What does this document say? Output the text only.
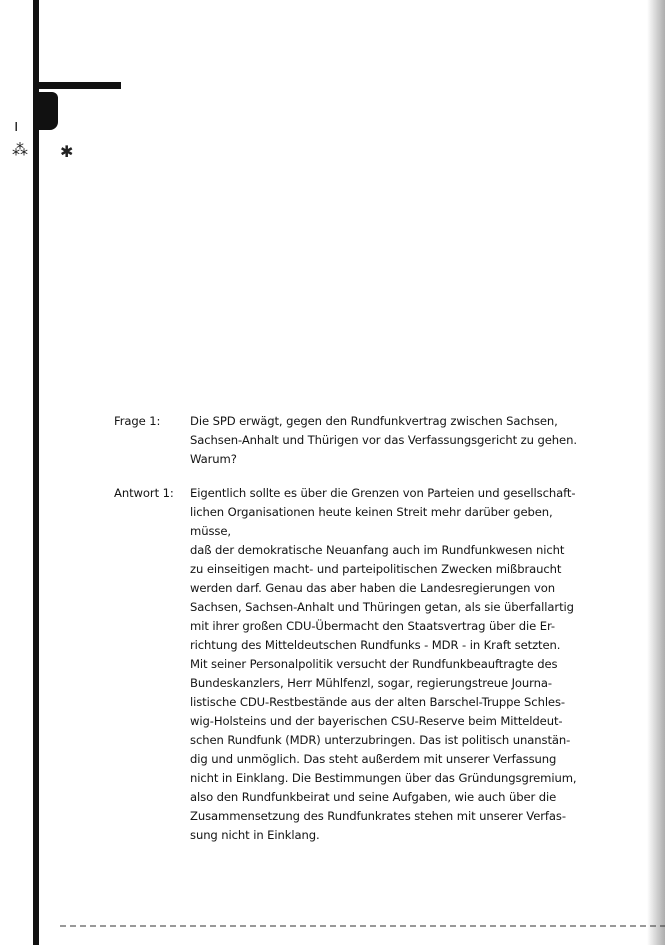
ı
⁂ ✱
Frage 1:	Die SPD erwägt, gegen den Rundfunkvertrag zwischen Sachsen,
Sachsen-Anhalt und Thürigen vor das Verfassungsgericht zu gehen.
Warum?
Antwort 1:	Eigentlich sollte es über die Grenzen von Parteien und gesellschaft-
lichen Organisationen heute keinen Streit mehr darüber geben, müsse,
daß der demokratische Neuanfang auch im Rundfunkwesen nicht
zu einseitigen macht- und parteipolitischen Zwecken mißbraucht
werden darf. Genau das aber haben die Landesregierungen von
Sachsen, Sachsen-Anhalt und Thüringen getan, als sie überfallartig
mit ihrer großen CDU-Übermacht den Staatsvertrag über die Er-
richtung des Mitteldeutschen Rundfunks - MDR - in Kraft setzten.
Mit seiner Personalpolitik versucht der Rundfunkbeauftragte des
Bundeskanzlers, Herr Mühlfenzl, sogar, regierungstreue Journa-
listische CDU-Restbestände aus der alten Barschel-Truppe Schles-
wig-Holsteins und der bayerischen CSU-Reserve beim Mitteldeut-
schen Rundfunk (MDR) unterzubringen. Das ist politisch unanstän-
dig und unmöglich. Das steht außerdem mit unserer Verfassung
nicht in Einklang. Die Bestimmungen über das Gründungsgremium,
also den Rundfunkbeirat und seine Aufgaben, wie auch über die
Zusammensetzung des Rundfunkrates stehen mit unserer Verfas-
sung nicht in Einklang.
